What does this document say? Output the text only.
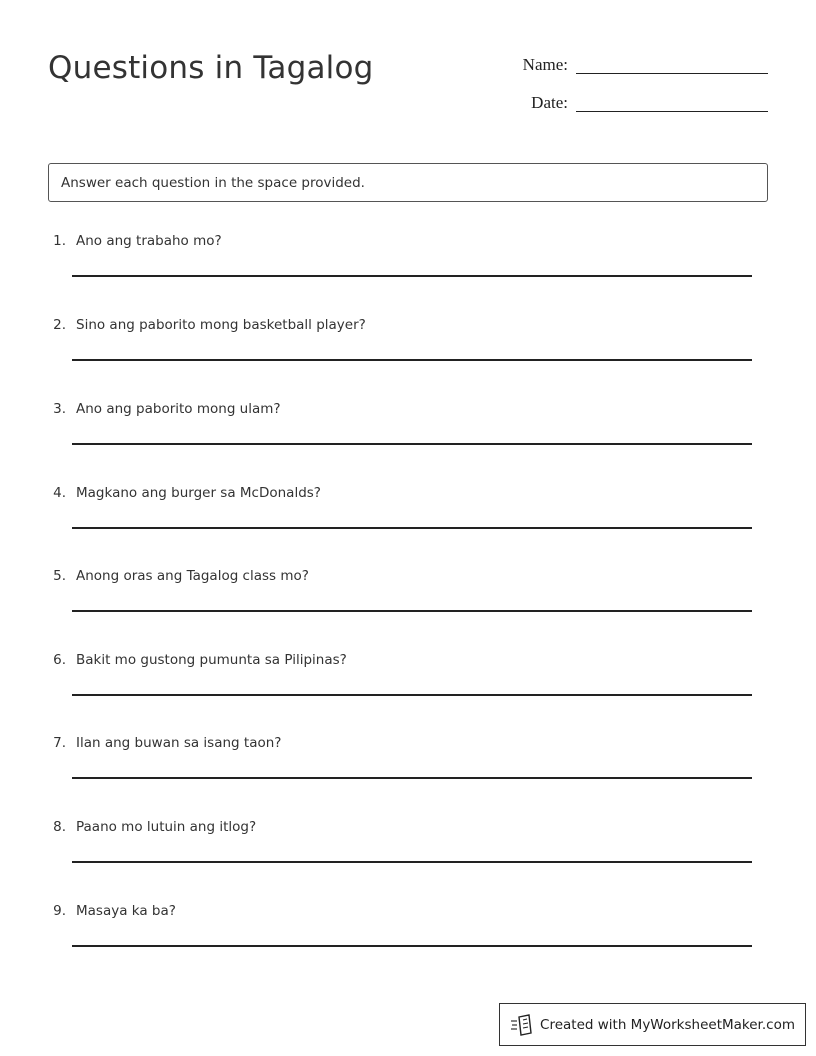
Questions in Tagalog	Name:
Date:
Answer each question in the space provided.
1. Ano ang trabaho mo?
2. Sino ang paborito mong basketball player?
3. Ano ang paborito mong ulam?
4. Magkano ang burger sa McDonalds?
5. Anong oras ang Tagalog class mo?
6. Bakit mo gustong pumunta sa Pilipinas?
7. Ilan ang buwan sa isang taon?
8. Paano mo lutuin ang itlog?
9. Masaya ka ba?
Created with MyWorksheetMaker.com
